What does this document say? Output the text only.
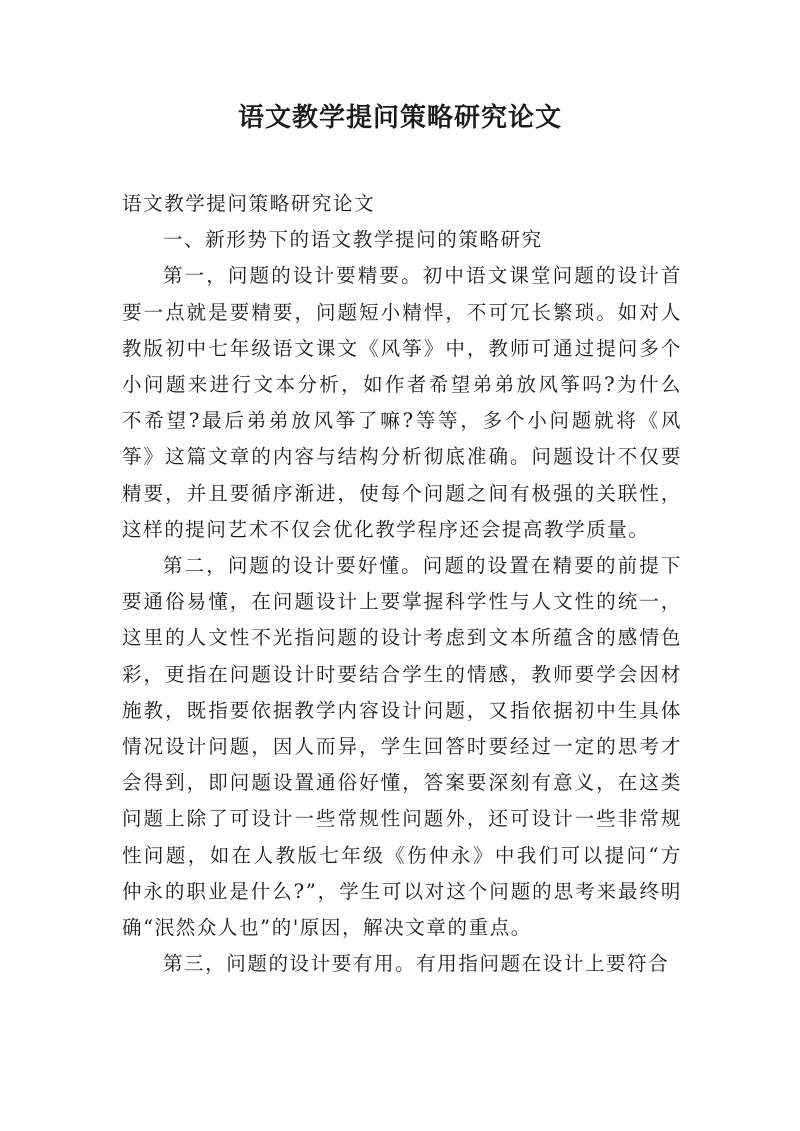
语文教学提问策略研究论文

语文教学提问策略研究论文

一、新形势下的语文教学提问的策略研究

第一，问题的设计要精要。初中语文课堂问题的设计首要一点就是要精要，问题短小精悍，不可冗长繁琐。如对人教版初中七年级语文课文《风筝》中，教师可通过提问多个小问题来进行文本分析，如作者希望弟弟放风筝吗?为什么不希望?最后弟弟放风筝了嘛?等等，多个小问题就将《风筝》这篇文章的内容与结构分析彻底准确。问题设计不仅要精要，并且要循序渐进，使每个问题之间有极强的关联性，这样的提问艺术不仅会优化教学程序还会提高教学质量。

第二，问题的设计要好懂。问题的设置在精要的前提下要通俗易懂，在问题设计上要掌握科学性与人文性的统一，这里的人文性不光指问题的设计考虑到文本所蕴含的感情色彩，更指在问题设计时要结合学生的情感，教师要学会因材施教，既指要依据教学内容设计问题，又指依据初中生具体情况设计问题，因人而异，学生回答时要经过一定的思考才会得到，即问题设置通俗好懂，答案要深刻有意义，在这类问题上除了可设计一些常规性问题外，还可设计一些非常规性问题，如在人教版七年级《伤仲永》中我们可以提问“方仲永的职业是什么?”，学生可以对这个问题的思考来最终明确“泯然众人也”的'原因，解决文章的重点。

第三，问题的设计要有用。有用指问题在设计上要符合
